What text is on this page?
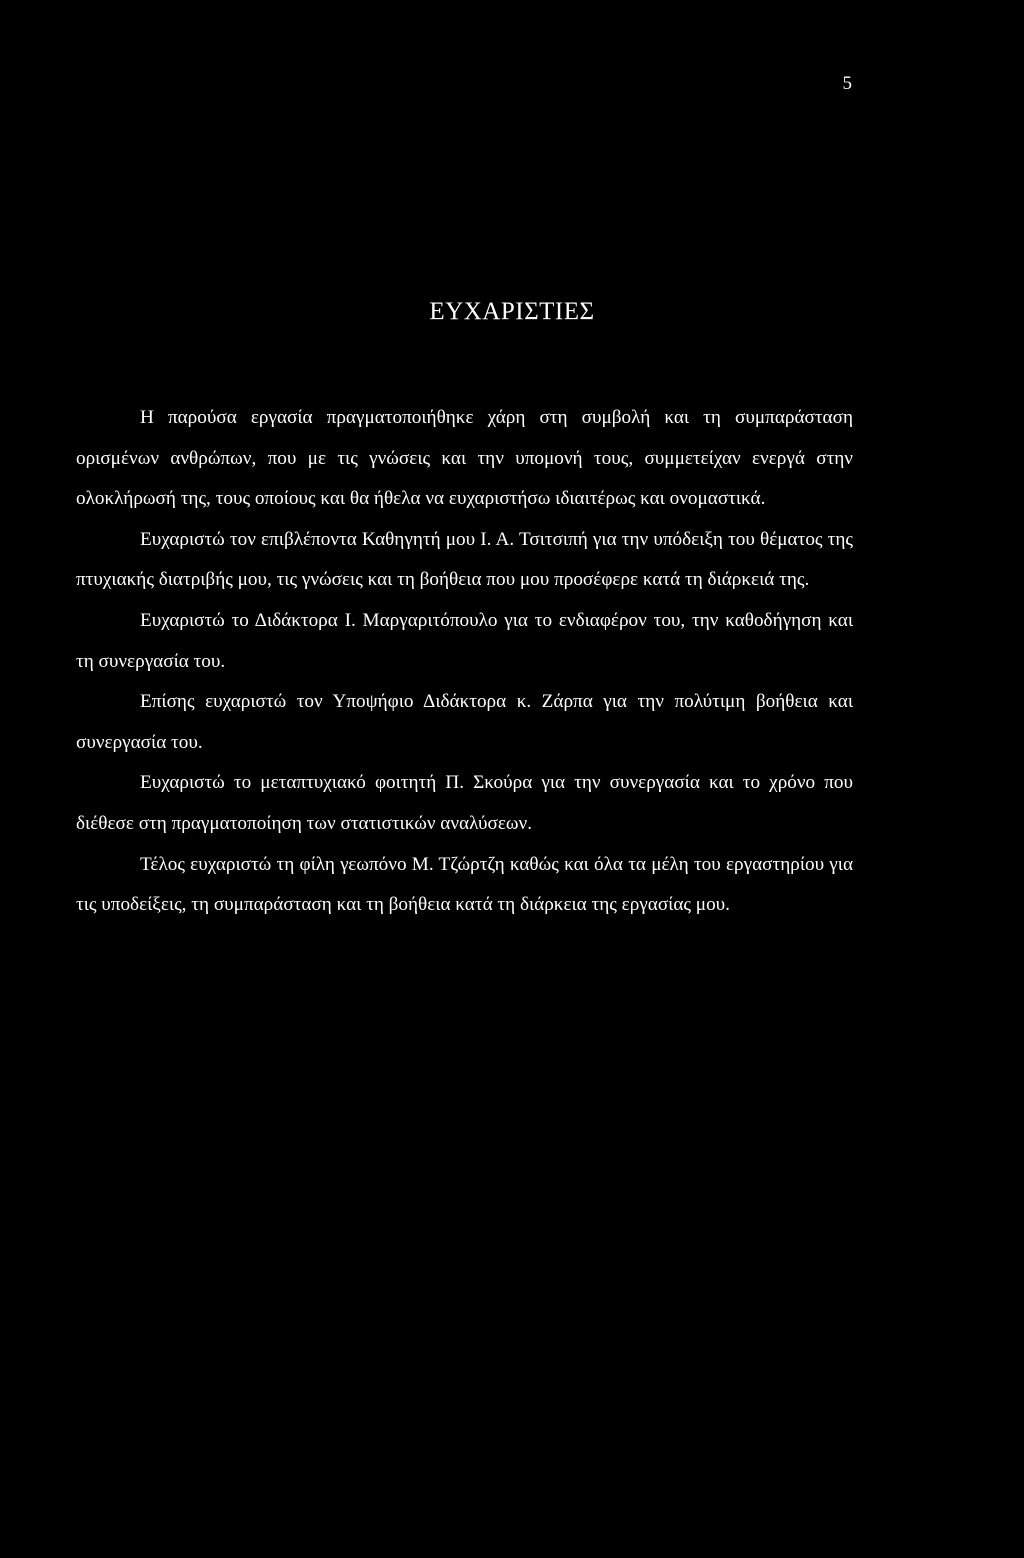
5
ΕΥΧΑΡΙΣΤΙΕΣ

Η παρούσα εργασία πραγματοποιήθηκε χάρη στη συμβολή και τη συμπαράσταση ορισμένων ανθρώπων, που με τις γνώσεις και την υπομονή τους, συμμετείχαν ενεργά στην ολοκλήρωσή της, τους οποίους και θα ήθελα να ευχαριστήσω ιδιαιτέρως και ονομαστικά.

Ευχαριστώ τον επιβλέποντα Καθηγητή μου Ι. Α. Τσιτσιπή για την υπόδειξη του θέματος της πτυχιακής διατριβής μου, τις γνώσεις και τη βοήθεια που μου προσέφερε κατά τη διάρκειά της.

Ευχαριστώ το Διδάκτορα Ι. Μαργαριτόπουλο για το ενδιαφέρον του, την καθοδήγηση και τη συνεργασία του.

Επίσης ευχαριστώ τον Υποψήφιο Διδάκτορα κ. Ζάρπα για την πολύτιμη βοήθεια και συνεργασία του.

Ευχαριστώ το μεταπτυχιακό φοιτητή Π. Σκούρα για την συνεργασία και το χρόνο που διέθεσε στη πραγματοποίηση των στατιστικών αναλύσεων.

Τέλος ευχαριστώ τη φίλη γεωπόνο Μ. Τζώρτζη καθώς και όλα τα μέλη του εργαστηρίου για τις υποδείξεις, τη συμπαράσταση και τη βοήθεια κατά τη διάρκεια της εργασίας μου.
